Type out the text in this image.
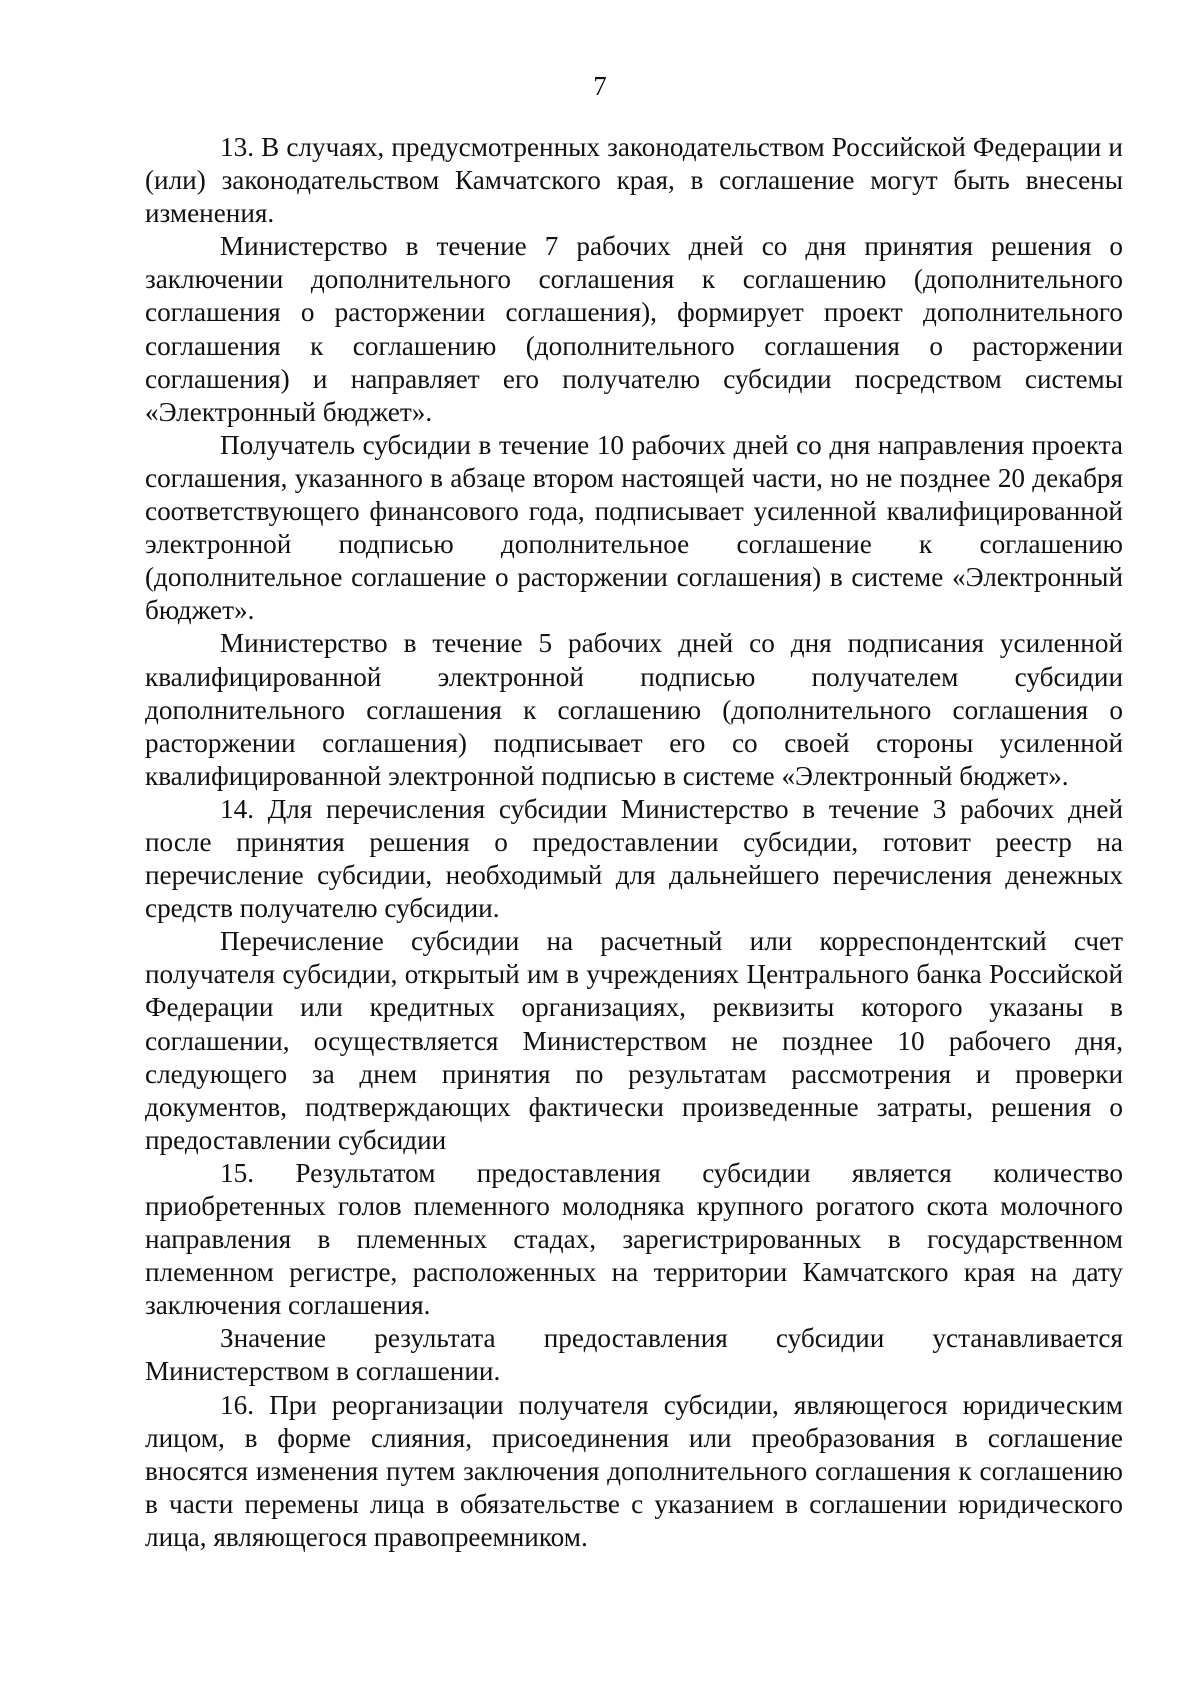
7

13. В случаях, предусмотренных законодательством Российской Федерации и (или) законодательством Камчатского края, в соглашение могут быть внесены изменения.

Министерство в течение 7 рабочих дней со дня принятия решения о заключении дополнительного соглашения к соглашению (дополнительного соглашения о расторжении соглашения), формирует проект дополнительного соглашения к соглашению (дополнительного соглашения о расторжении соглашения) и направляет его получателю субсидии посредством системы «Электронный бюджет».

Получатель субсидии в течение 10 рабочих дней со дня направления проекта соглашения, указанного в абзаце втором настоящей части, но не позднее 20 декабря соответствующего финансового года, подписывает усиленной квалифицированной электронной подписью дополнительное соглашение к соглашению (дополнительное соглашение о расторжении соглашения) в системе «Электронный бюджет».

Министерство в течение 5 рабочих дней со дня подписания усиленной квалифицированной электронной подписью получателем субсидии дополнительного соглашения к соглашению (дополнительного соглашения о расторжении соглашения) подписывает его со своей стороны усиленной квалифицированной электронной подписью в системе «Электронный бюджет».

14. Для перечисления субсидии Министерство в течение 3 рабочих дней после принятия решения о предоставлении субсидии, готовит реестр на перечисление субсидии, необходимый для дальнейшего перечисления денежных средств получателю субсидии.

Перечисление субсидии на расчетный или корреспондентский счет получателя субсидии, открытый им в учреждениях Центрального банка Российской Федерации или кредитных организациях, реквизиты которого указаны в соглашении, осуществляется Министерством не позднее 10 рабочего дня, следующего за днем принятия по результатам рассмотрения и проверки документов, подтверждающих фактически произведенные затраты, решения о предоставлении субсидии

15. Результатом предоставления субсидии является количество приобретенных голов племенного молодняка крупного рогатого скота молочного направления в племенных стадах, зарегистрированных в государственном племенном регистре, расположенных на территории Камчатского края на дату заключения соглашения.

Значение результата предоставления субсидии устанавливается Министерством в соглашении.

16. При реорганизации получателя субсидии, являющегося юридическим лицом, в форме слияния, присоединения или преобразования в соглашение вносятся изменения путем заключения дополнительного соглашения к соглашению в части перемены лица в обязательстве с указанием в соглашении юридического лица, являющегося правопреемником.
